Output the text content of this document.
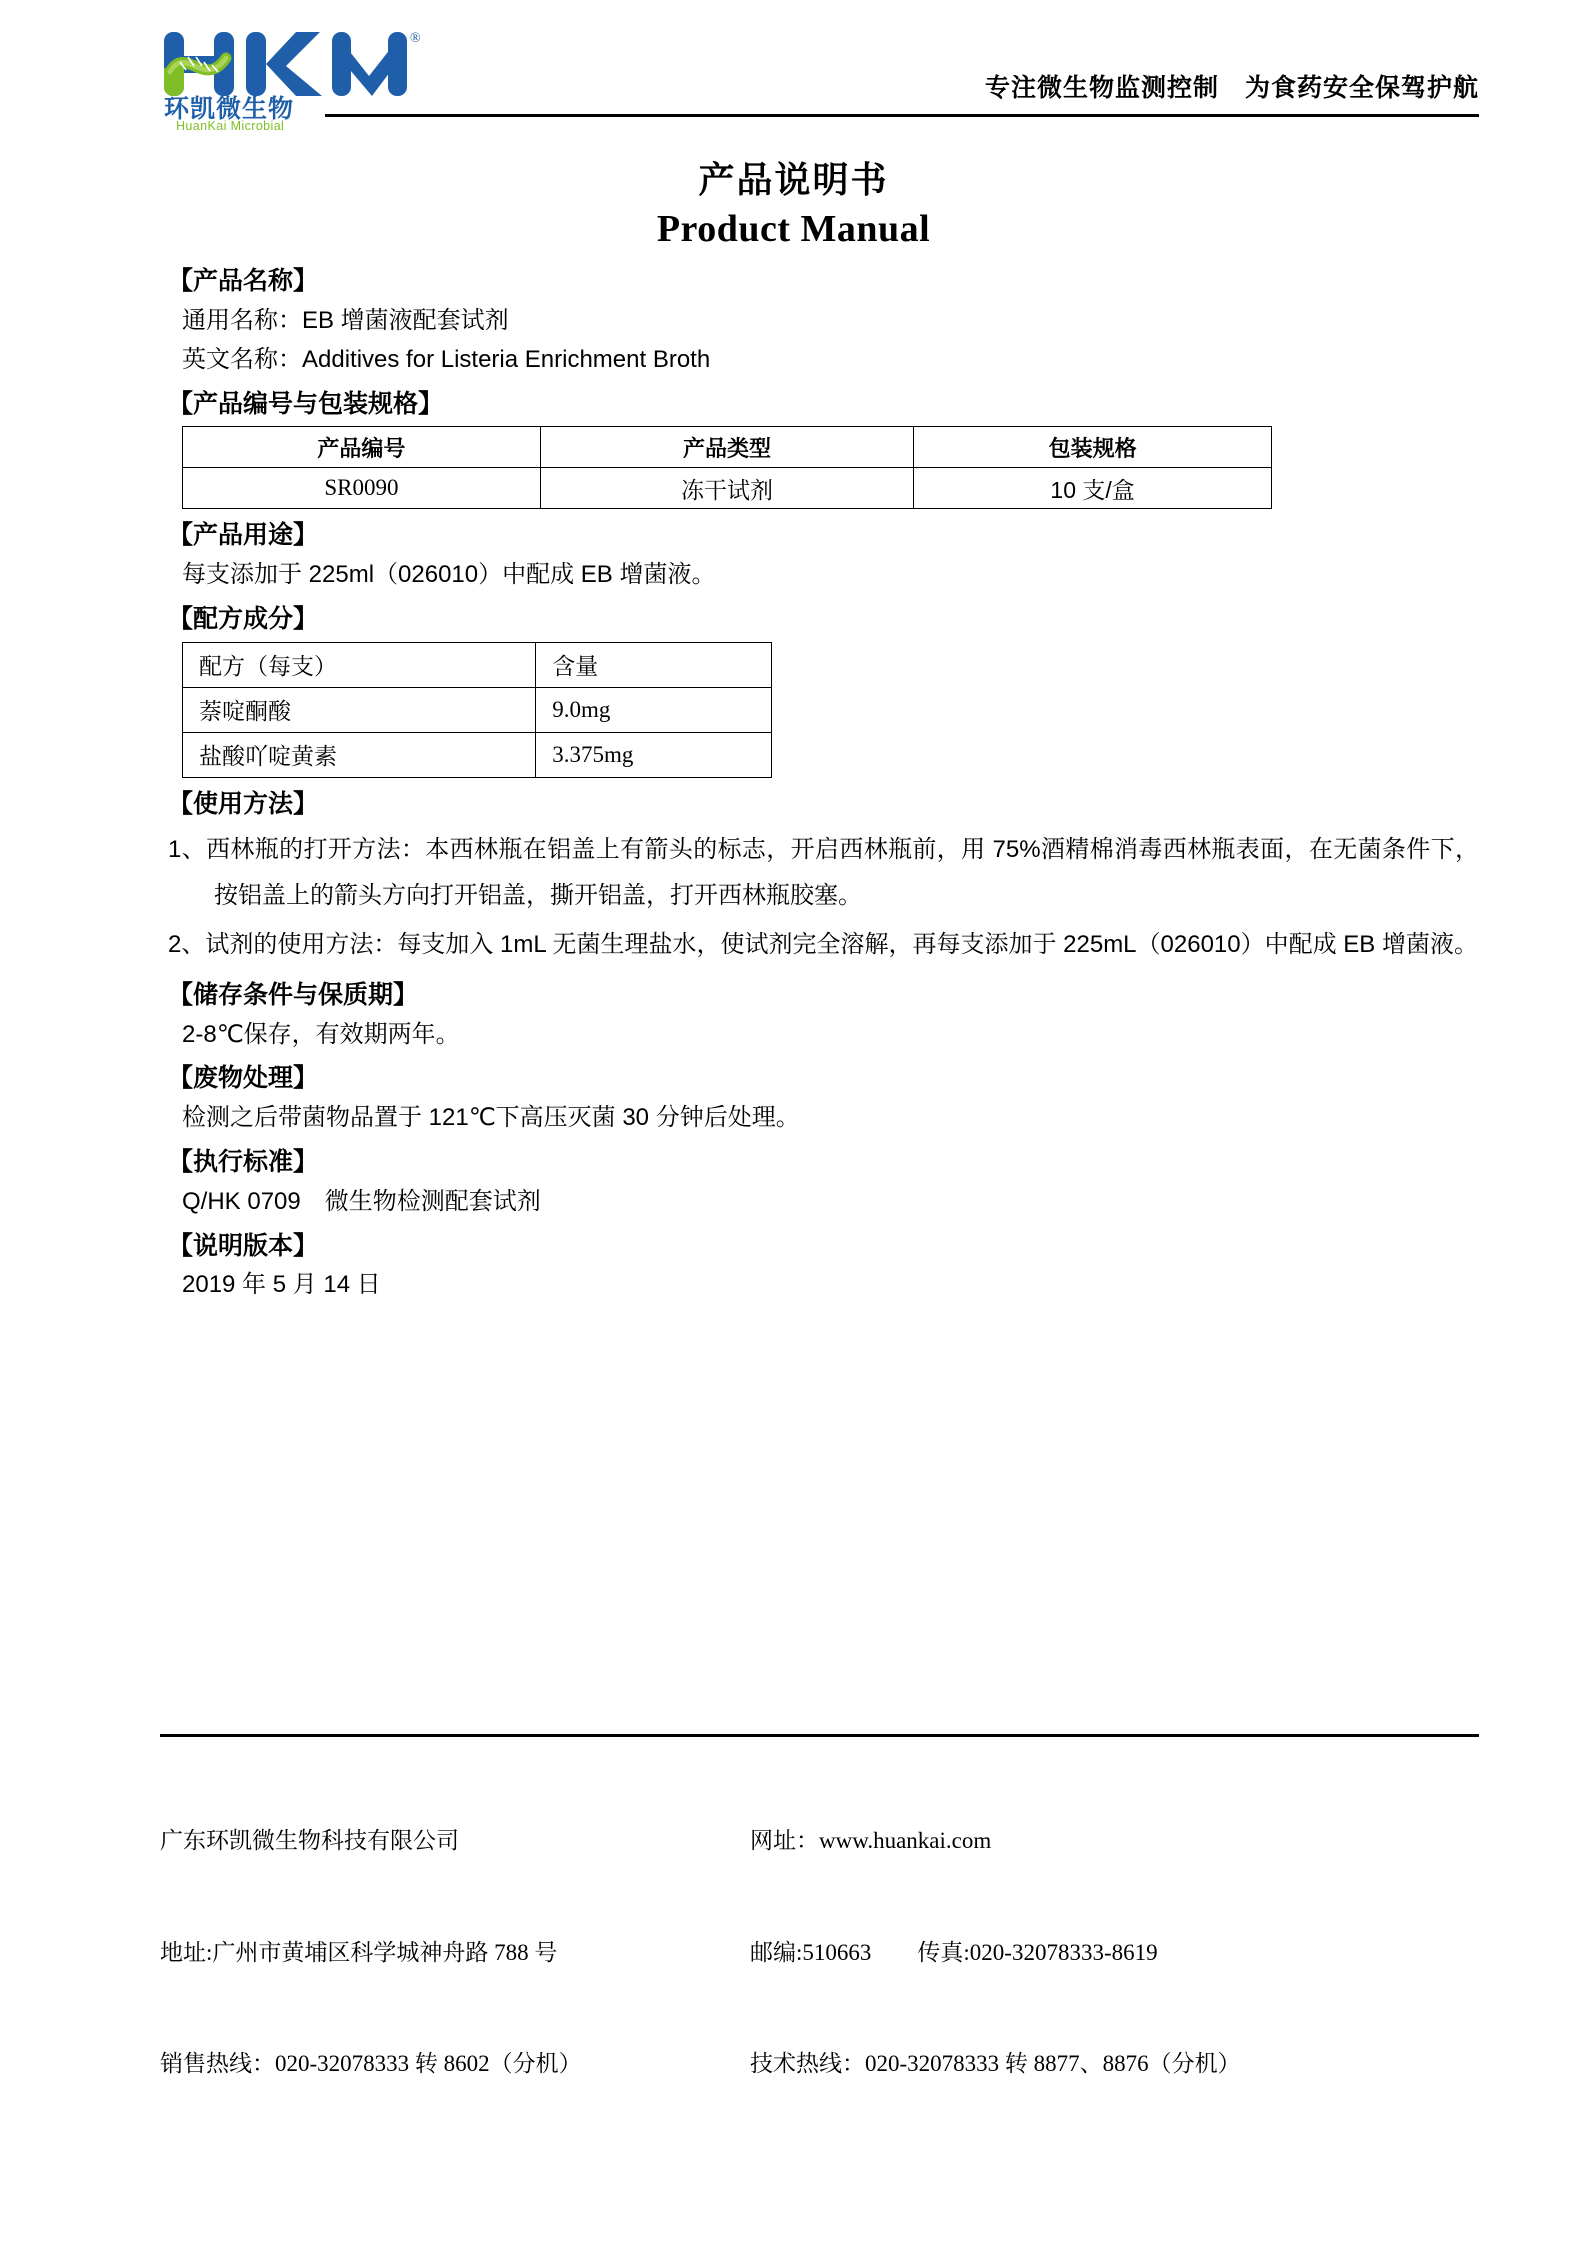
®
环凯微生物
HuanKai Microbial
专注微生物监测控制　为食药安全保驾护航
产品说明书
Product Manual
【产品名称】
通用名称：EB 增菌液配套试剂
英文名称：Additives for Listeria Enrichment Broth
【产品编号与包装规格】
产品编号	产品类型	包装规格
SR0090	冻干试剂	10 支/盒
【产品用途】
每支添加于 225ml（026010）中配成 EB 增菌液。
【配方成分】
配方（每支）	含量
萘啶酮酸	9.0mg
盐酸吖啶黄素	3.375mg
【使用方法】
1、西林瓶的打开方法：本西林瓶在铝盖上有箭头的标志，开启西林瓶前，用 75%酒精棉消毒西林瓶表面，在无菌条件下，按铝盖上的箭头方向打开铝盖，撕开铝盖，打开西林瓶胶塞。
2、试剂的使用方法：每支加入 1mL 无菌生理盐水，使试剂完全溶解，再每支添加于 225mL（026010）中配成 EB 增菌液。
【储存条件与保质期】
2-8℃保存，有效期两年。
【废物处理】
检测之后带菌物品置于 121℃下高压灭菌 30 分钟后处理。
【执行标准】
Q/HK 0709　微生物检测配套试剂
【说明版本】
2019 年 5 月 14 日

广东环凯微生物科技有限公司

地址:广州市黄埔区科学城神舟路 788 号

销售热线：020-32078333 转 8602（分机）

网址：www.huankai.com

邮编:510663　　传真:020-32078333-8619

技术热线：020-32078333 转 8877、8876（分机）
